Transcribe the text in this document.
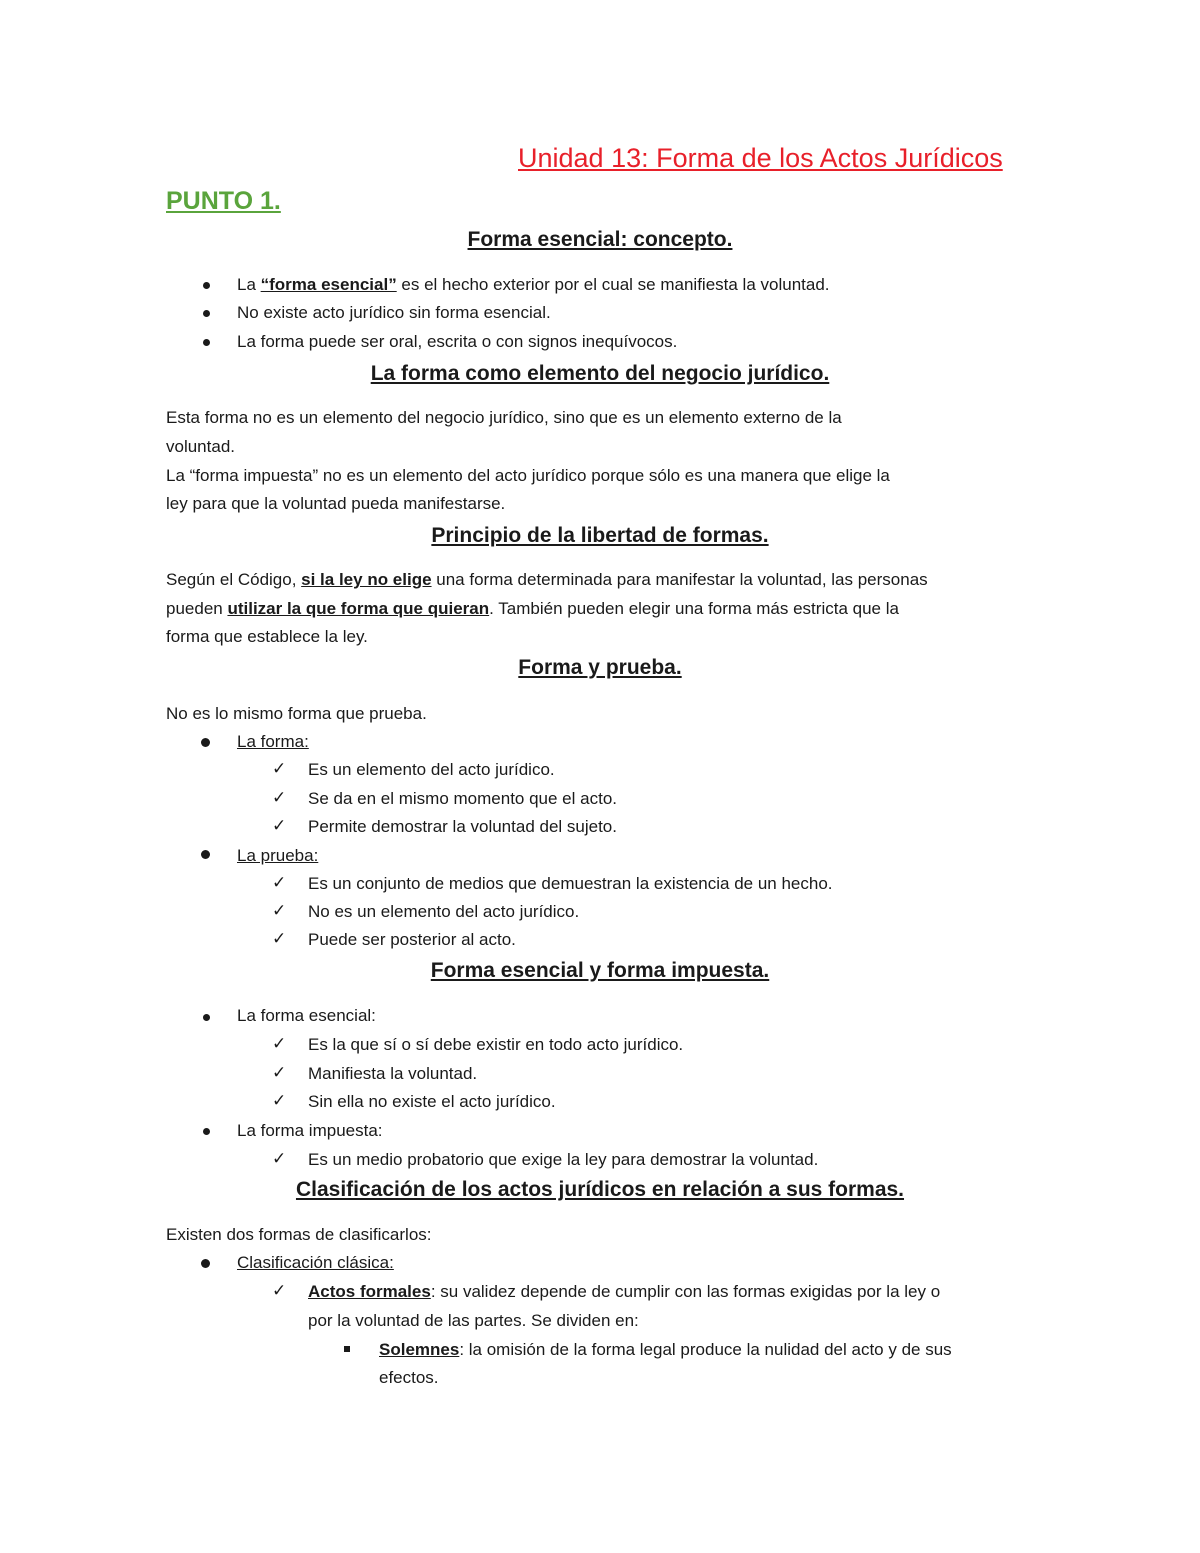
Unidad 13: Forma de los Actos Jurídicos
PUNTO 1.
Forma esencial: concepto.
La “forma esencial” es el hecho exterior por el cual se manifiesta la voluntad.
No existe acto jurídico sin forma esencial.
La forma puede ser oral, escrita o con signos inequívocos.
La forma como elemento del negocio jurídico.
Esta forma no es un elemento del negocio jurídico, sino que es un elemento externo de la
voluntad.
La “forma impuesta” no es un elemento del acto jurídico porque sólo es una manera que elige la
ley para que la voluntad pueda manifestarse.
Principio de la libertad de formas.
Según el Código, si la ley no elige una forma determinada para manifestar la voluntad, las personas
pueden utilizar la que forma que quieran. También pueden elegir una forma más estricta que la
forma que establece la ley.
Forma y prueba.
No es lo mismo forma que prueba.
La forma:
✓ Es un elemento del acto jurídico.
✓ Se da en el mismo momento que el acto.
✓ Permite demostrar la voluntad del sujeto.
La prueba:
✓ Es un conjunto de medios que demuestran la existencia de un hecho.
✓ No es un elemento del acto jurídico.
✓ Puede ser posterior al acto.
Forma esencial y forma impuesta.
La forma esencial:
✓ Es la que sí o sí debe existir en todo acto jurídico.
✓ Manifiesta la voluntad.
✓ Sin ella no existe el acto jurídico.
La forma impuesta:
✓ Es un medio probatorio que exige la ley para demostrar la voluntad.
Clasificación de los actos jurídicos en relación a sus formas.
Existen dos formas de clasificarlos:
Clasificación clásica:
✓ Actos formales: su validez depende de cumplir con las formas exigidas por la ley o
por la voluntad de las partes. Se dividen en:
Solemnes: la omisión de la forma legal produce la nulidad del acto y de sus
efectos.
